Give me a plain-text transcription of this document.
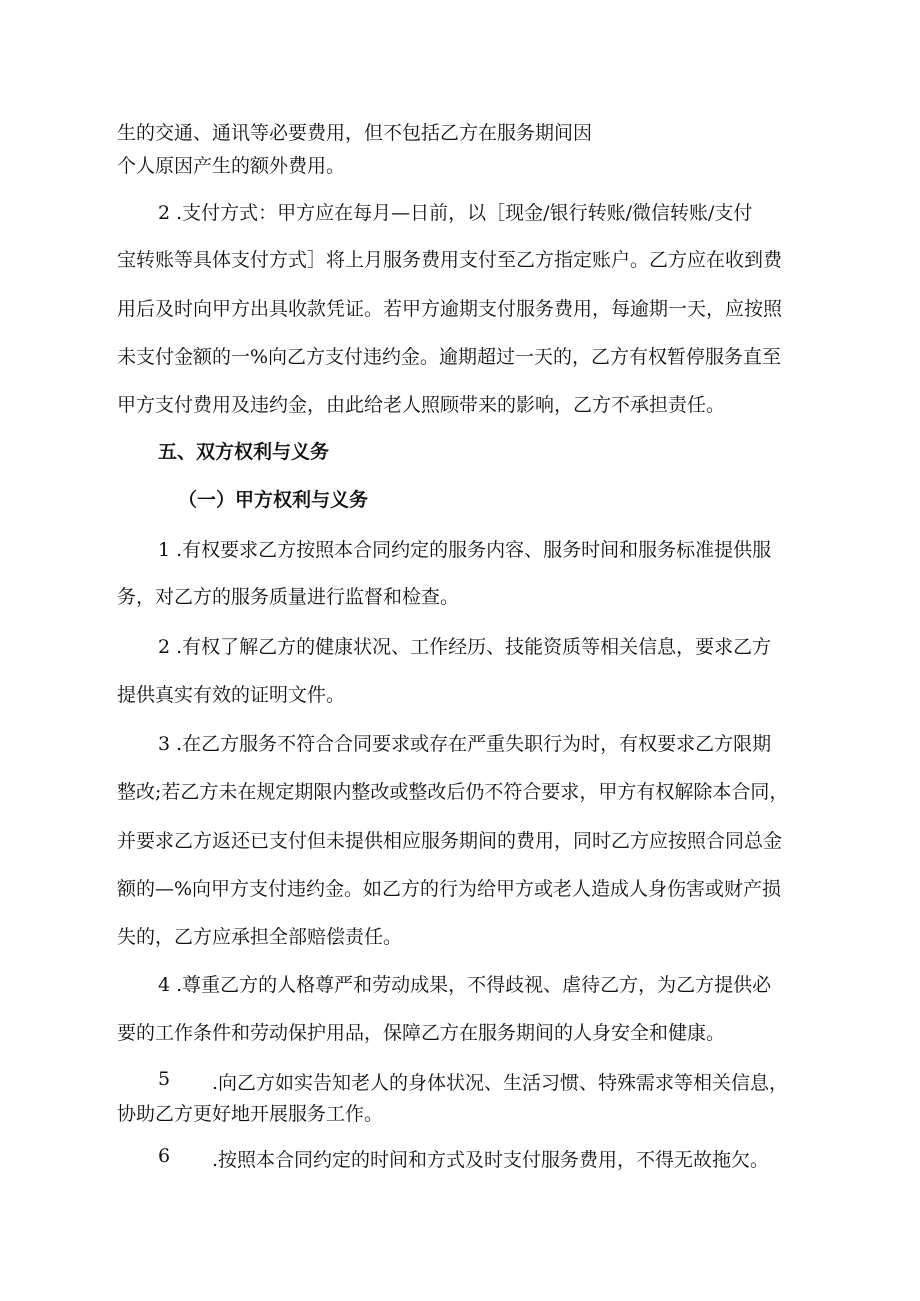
生的交通、通讯等必要费用，但不包括乙方在服务期间因
个人原因产生的额外费用。
2 .支付方式：甲方应在每月—日前，以［现金/银行转账/微信转账/支付
宝转账等具体支付方式］将上月服务费用支付至乙方指定账户。乙方应在收到费
用后及时向甲方出具收款凭证。若甲方逾期支付服务费用，每逾期一天，应按照
未支付金额的一%向乙方支付违约金。逾期超过一天的，乙方有权暂停服务直至
甲方支付费用及违约金，由此给老人照顾带来的影响，乙方不承担责任。
五、双方权利与义务
（一）甲方权利与义务
1 .有权要求乙方按照本合同约定的服务内容、服务时间和服务标准提供服
务，对乙方的服务质量进行监督和检查。
2 .有权了解乙方的健康状况、工作经历、技能资质等相关信息，要求乙方
提供真实有效的证明文件。
3 .在乙方服务不符合合同要求或存在严重失职行为时，有权要求乙方限期
整改;若乙方未在规定期限内整改或整改后仍不符合要求，甲方有权解除本合同，
并要求乙方返还已支付但未提供相应服务期间的费用，同时乙方应按照合同总金
额的—%向甲方支付违约金。如乙方的行为给甲方或老人造成人身伤害或财产损
失的，乙方应承担全部赔偿责任。
4 .尊重乙方的人格尊严和劳动成果，不得歧视、虐待乙方，为乙方提供必
要的工作条件和劳动保护用品，保障乙方在服务期间的人身安全和健康。
5 .向乙方如实告知老人的身体状况、生活习惯、特殊需求等相关信息，
协助乙方更好地开展服务工作。
6 .按照本合同约定的时间和方式及时支付服务费用，不得无故拖欠。
